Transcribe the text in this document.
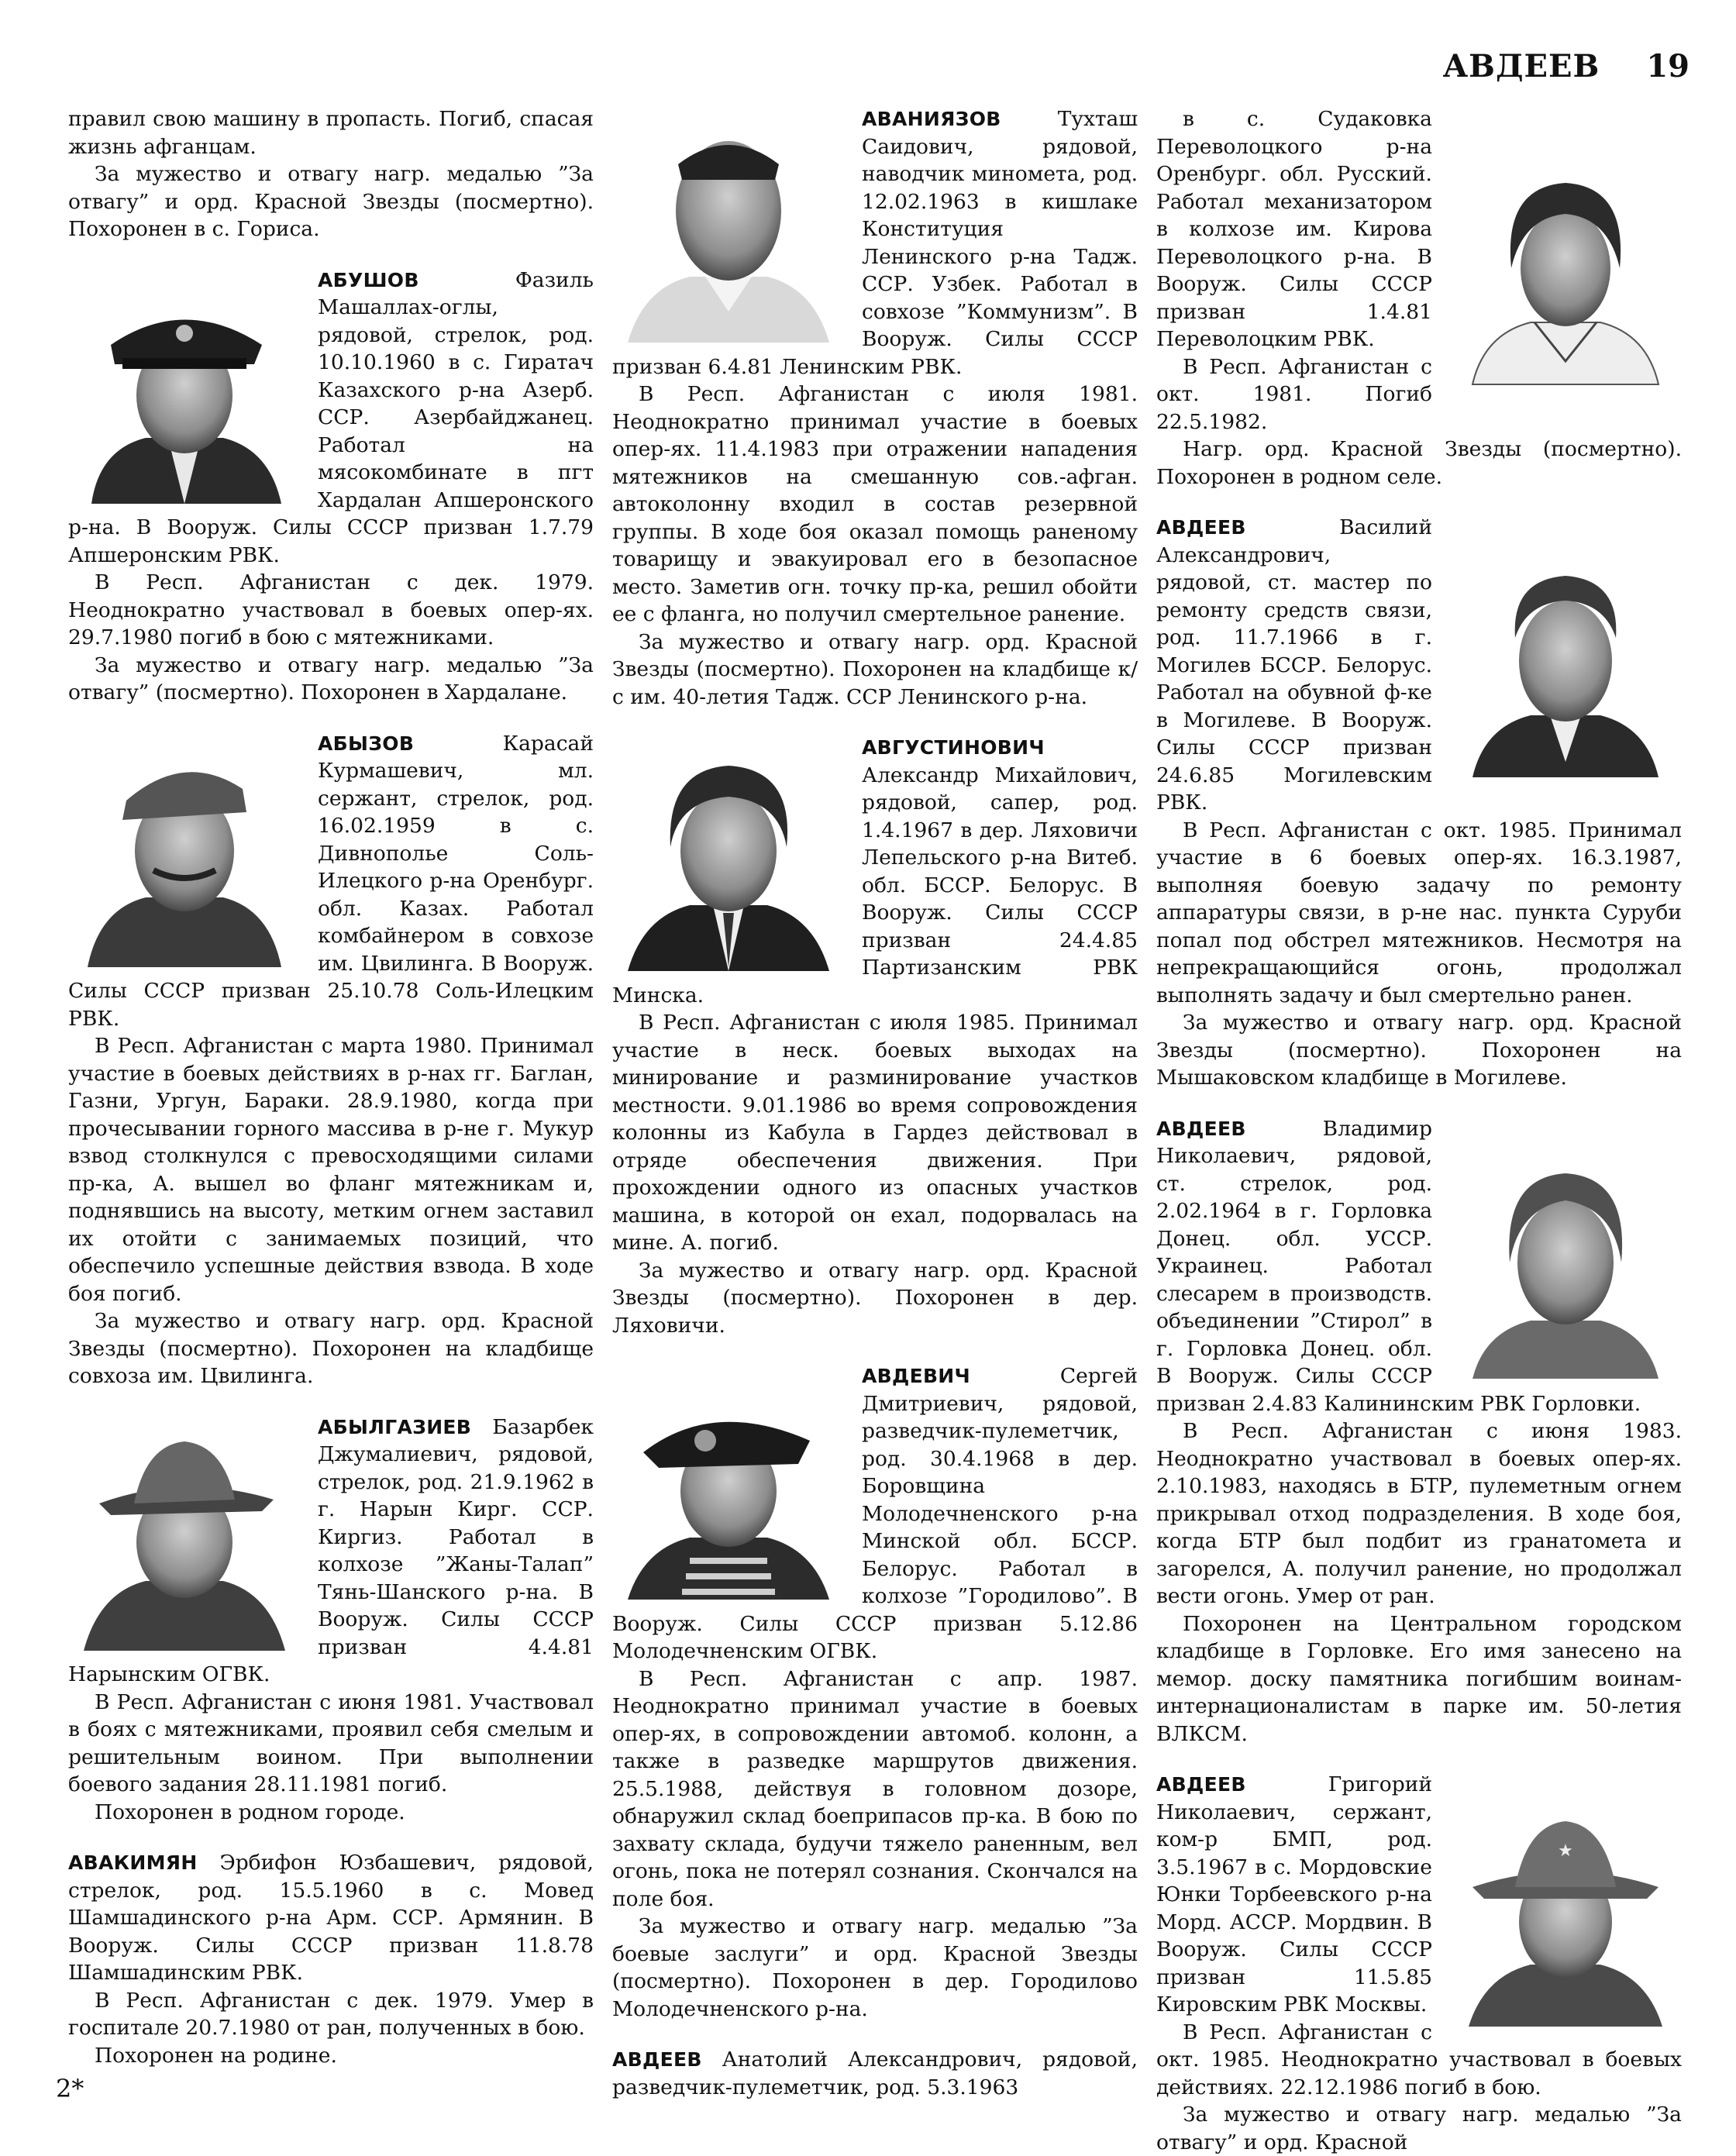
АВДЕЕВ 19

правил свою машину в пропасть. Погиб, спасая жизнь афганцам.

За мужество и отвагу нагр. медалью ”За отвагу” и орд. Красной Звезды (посмертно). Похоронен в с. Гориса.

АБУШОВ	Фазиль Машаллах-оглы, рядовой, стрелок, род. 10.10.1960 в с. Гиратач Казахского р-на Азерб. ССР. Азербайджанец. Работал на мясокомбинате в пгт Хардалан Апшеронского р-на. В Вооруж. Силы СССР призван 1.7.79 Апшеронским РВК.

В Респ. Афганистан с дек. 1979. Неоднократно участвовал в боевых опер-ях. 29.7.1980 погиб в бою с мятежниками.

За мужество и отвагу нагр. медалью ”За отвагу” (посмертно). Похоронен в Хардалане.

АБЫЗОВ	Карасай Курмашевич, мл. сержант, стрелок, род. 16.02.1959 в с. Дивнополье Соль-Илецкого р-на Оренбург. обл. Казах. Работал комбайнером в совхозе им. Цвилинга. В Вооруж. Силы СССР призван 25.10.78 Соль-Илецким РВК.

В Респ. Афганистан с марта 1980. Принимал участие в боевых действиях в р-нах гг. Баглан, Газни, Ургун, Бараки. 28.9.1980, когда при прочесывании горного массива в р-не г. Мукур взвод столкнулся с превосходящими силами пр-ка, А. вышел во фланг мятежникам и, поднявшись на высоту, метким огнем заставил их отойти с занимаемых позиций, что обеспечило успешные действия взвода. В ходе боя погиб.

За мужество и отвагу нагр. орд. Красной Звезды (посмертно). Похоронен на кладбище совхоза им. Цвилинга.

АБЫЛГАЗИЕВ Базарбек Джумалиевич, рядовой, стрелок, род. 21.9.1962 в г. Нарын Кирг. ССР. Киргиз. Работал в колхозе ”Жаны-Талап” Тянь-Шанского р-на. В Вооруж. Силы СССР призван 4.4.81 Нарынским ОГВК.

В Респ. Афганистан с июня 1981. Участвовал в боях с мятежниками, проявил себя смелым и решительным воином. При выполнении боевого задания 28.11.1981 погиб.

Похоронен в родном городе.

АВАКИМЯН Эрбифон Юзбашевич, рядовой, стрелок, род. 15.5.1960 в с. Мовед Шамшадинского р-на Арм. ССР. Армянин. В Вооруж. Силы СССР призван 11.8.78 Шамшадинским РВК.

В Респ. Афганистан с дек. 1979. Умер в госпитале 20.7.1980 от ран, полученных в бою.

Похоронен на родине.

АВАНИЯЗОВ	Тухташ Саидович, рядовой, наводчик миномета, род. 12.02.1963 в кишлаке Конституция Ленинского р-на Тадж. ССР. Узбек. Работал в совхозе ”Коммунизм”. В Вооруж. Силы СССР призван 6.4.81 Ленинским РВК.

В Респ. Афганистан с июля 1981. Неоднократно принимал участие в боевых опер-ях. 11.4.1983 при отражении нападения мятежников на смешанную сов.-афган. автоколонну входил в состав резервной группы. В ходе боя оказал помощь раненому товарищу и эвакуировал его в безопасное место. Заметив огн. точку пр-ка, решил обойти ее с фланга, но получил смертельное ранение.

За мужество и отвагу нагр. орд. Красной Звезды (посмертно). Похоронен на кладбище к/с им. 40-летия Тадж. ССР Ленинского р-на.

АВГУСТИНОВИЧ Александр Михайлович, рядовой, сапер, род. 1.4.1967 в дер. Ляховичи Лепельского р-на Витеб. обл. БССР. Белорус. В Вооруж. Силы СССР призван 24.4.85 Партизанским РВК Минска.

В Респ. Афганистан с июля 1985. Принимал участие в неск. боевых выходах на минирование и разминирование участков местности. 9.01.1986 во время сопровождения колонны из Кабула в Гардез действовал в отряде обеспечения движения. При прохождении одного из опасных участков машина, в которой он ехал, подорвалась на мине. А. погиб.

За мужество и отвагу нагр. орд. Красной Звезды (посмертно). Похоронен в дер. Ляховичи.

АВДЕВИЧ	Сергей Дмитриевич, рядовой, разведчик-пулеметчик, род. 30.4.1968 в дер. Боровщина Молодечненского р-на Минской обл. БССР. Белорус. Работал в колхозе ”Городилово”. В Вооруж. Силы СССР призван 5.12.86 Молодечненским ОГВК.

В Респ. Афганистан с апр. 1987. Неоднократно принимал участие в боевых опер-ях, в сопровождении автомоб. колонн, а также в разведке маршрутов движения. 25.5.1988, действуя в головном дозоре, обнаружил склад боеприпасов пр-ка. В бою по захвату склада, будучи тяжело раненным, вел огонь, пока не потерял сознания. Скончался на поле боя.

За мужество и отвагу нагр. медалью ”За боевые заслуги” и орд. Красной Звезды (посмертно). Похоронен в дер. Городилово Молодечненского р-на.

АВДЕЕВ Анатолий Александрович, рядовой, разведчик-пулеметчик, род. 5.3.1963

в с. Судаковка Переволоцкого р-на Оренбург. обл. Русский. Работал механизатором в колхозе им. Кирова Переволоцкого р-на. В Вооруж. Силы СССР призван 1.4.81 Переволоцким РВК.

В Респ. Афганистан с окт. 1981. Погиб 22.5.1982.

Нагр. орд. Красной Звезды (посмертно). Похоронен в родном селе.

АВДЕЕВ	Василий Александрович, рядовой, ст. мастер по ремонту средств связи, род. 11.7.1966 в г. Могилев БССР. Белорус. Работал на обувной ф-ке в Могилеве. В Вооруж. Силы СССР призван 24.6.85 Могилевским РВК.

В Респ. Афганистан с окт. 1985. Принимал участие в 6 боевых опер-ях. 16.3.1987, выполняя боевую задачу по ремонту аппаратуры связи, в р-не нас. пункта Суруби попал под обстрел мятежников. Несмотря на непрекращающийся огонь, продолжал выполнять задачу и был смертельно ранен.

За мужество и отвагу нагр. орд. Красной Звезды (посмертно). Похоронен на Мышаковском кладбище в Могилеве.

АВДЕЕВ	Владимир Николаевич, рядовой, ст. стрелок, род. 2.02.1964 в г. Горловка Донец. обл. УССР. Украинец. Работал слесарем в производств. объединении ”Стирол” в г. Горловка Донец. обл. В Вооруж. Силы СССР призван 2.4.83 Калининским РВК Горловки.

В Респ. Афганистан с июня 1983. Неоднократно участвовал в боевых опер-ях. 2.10.1983, находясь в БТР, пулеметным огнем прикрывал отход подразделения. В ходе боя, когда БТР был подбит из гранатомета и загорелся, А. получил ранение, но продолжал вести огонь. Умер от ран.

Похоронен на Центральном городском кладбище в Горловке. Его имя занесено на мемор. доску памятника погибшим воинам-интернационалистам в парке им. 50-летия ВЛКСМ.

★

АВДЕЕВ	Григорий Николаевич, сержант, ком-р БМП, род. 3.5.1967 в с. Мордовские Юнки Торбеевского р-на Морд. АССР. Мордвин. В Вооруж. Силы СССР призван 11.5.85 Кировским РВК Москвы.

В Респ. Афганистан с окт. 1985. Неоднократно участвовал в боевых действиях. 22.12.1986 погиб в бою.

За мужество и отвагу нагр. медалью ”За отвагу” и орд. Красной

2*
